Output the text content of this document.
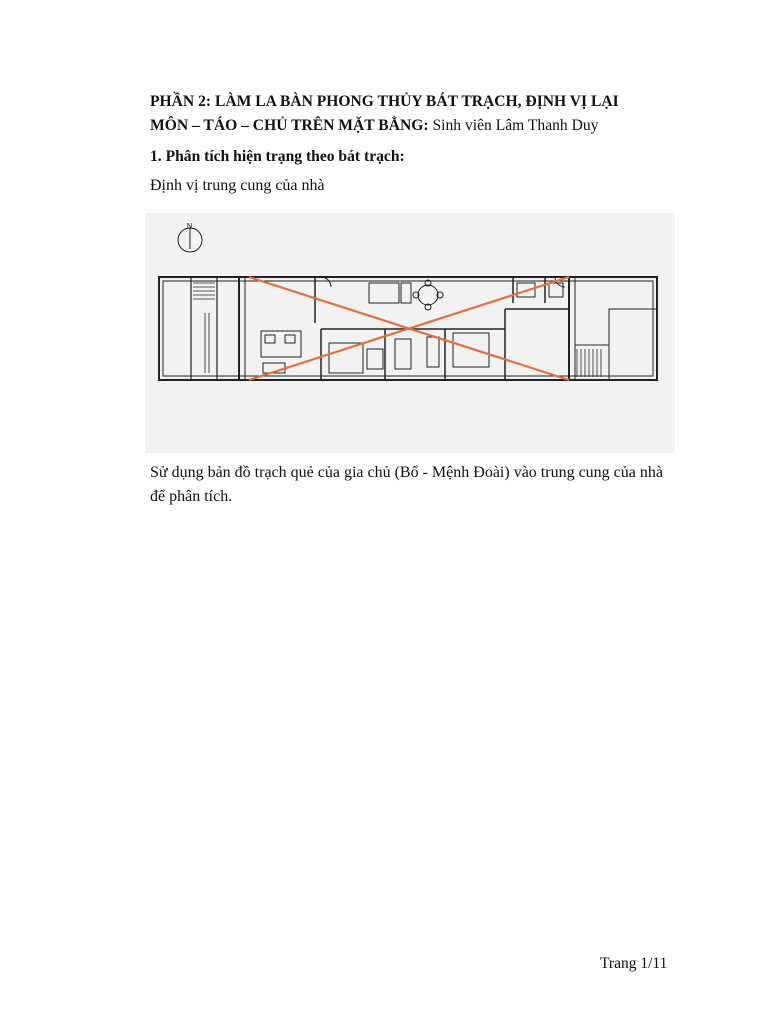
PHẦN 2: LÀM LA BÀN PHONG THỦY BÁT TRẠCH, ĐỊNH VỊ LẠI
MÔN – TÁO – CHỦ TRÊN MẶT BẰNG: Sinh viên Lâm Thanh Duy
1. Phân tích hiện trạng theo bát trạch:
Định vị trung cung của nhà
N
Sử dụng bản đồ trạch quẻ của gia chủ (Bổ - Mệnh Đoài) vào trung cung của nhà
để phân tích.
Trang 1/11
